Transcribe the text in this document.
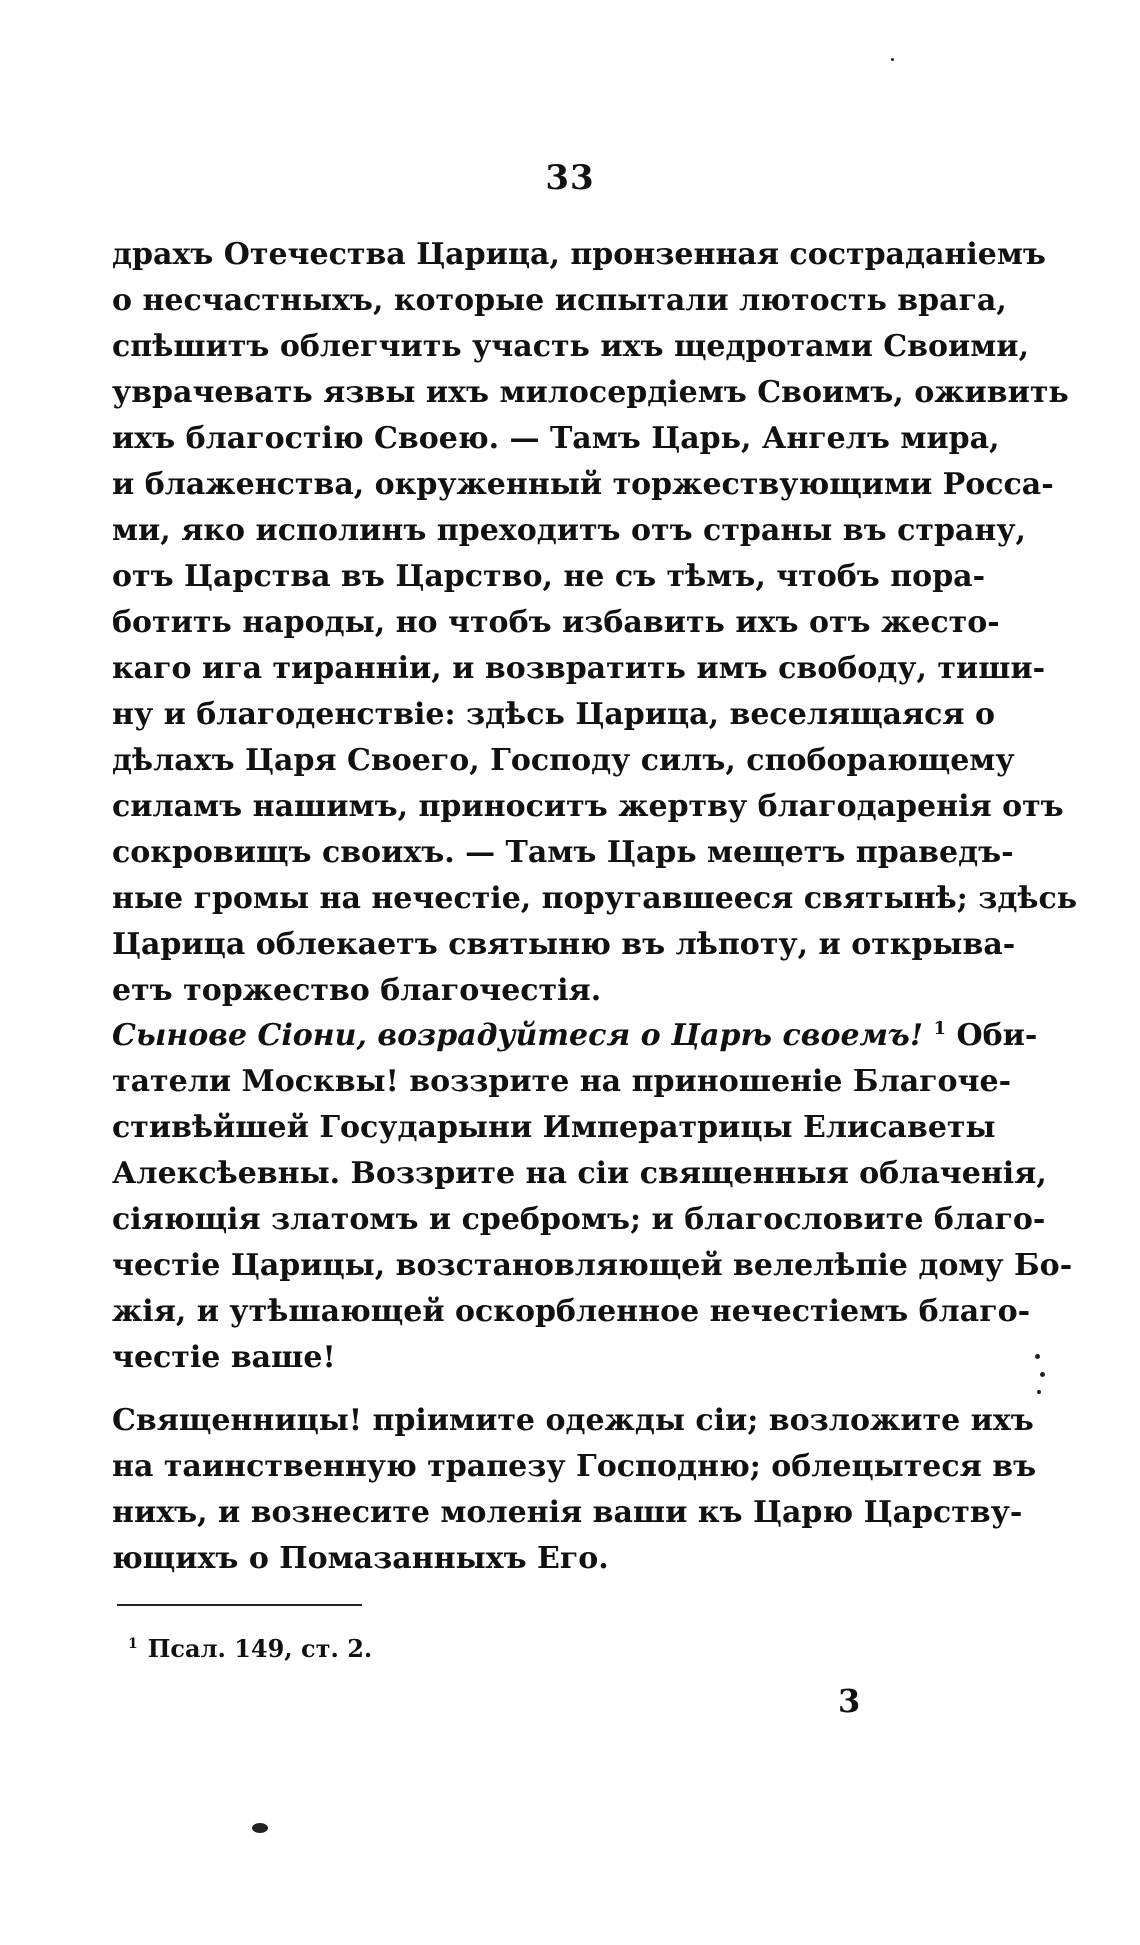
33
драхъ Отечества Царица, пронзенная состраданіемъ
о несчастныхъ, которые испытали лютость врага,
спѣшитъ облегчить участь ихъ щедротами Своими,
уврачевать язвы ихъ милосердіемъ Своимъ, оживить
ихъ благостію Своею. — Тамъ Царь, Ангелъ мира,
и блаженства, окруженный торжествующими Росса-
ми, яко исполинъ преходитъ отъ страны въ страну,
отъ Царства въ Царство, не съ тѣмъ, чтобъ пора-
ботить народы, но чтобъ избавить ихъ отъ жесто-
каго ига тираннiи, и возвратить имъ свободу, тиши-
ну и благоденствіе: здѣсь Царица, веселящаяся о
дѣлахъ Царя Своего, Господу силъ, споборающему
силамъ нашимъ, приноситъ жертву благодаренія отъ
сокровищъ своихъ. — Тамъ Царь мещетъ праведъ-
ные громы на нечестіе, поругавшееся святынѣ; здѣсь
Царица облекаетъ святыню въ лѣпоту, и открыва-
етъ торжество благочестія.
Сынове Сіони, возрадуйтеся о Царѣ своемъ! $^1$ Оби-
татели Москвы! воззрите на приношеніе Благоче-
стивѣйшей Государыни Императрицы Елисаветы
Алексѣевны. Воззрите на сіи священныя облаченія,
сіяющія златомъ и сребромъ; и благословите благо-
честіе Царицы, возстановляющей велелѣпіе дому Бо-
жія, и утѣшающей оскорбленное нечестіемъ благо-
честіе ваше!
Священницы! пріимите одежды сіи; возложите ихъ
на таинственную трапезу Господню; облецытеся въ
нихъ, и вознесите моленія ваши къ Царю Царству-
ющихъ о Помазанныхъ Его.
$^1$ Псал. 149, ст. 2.
3
